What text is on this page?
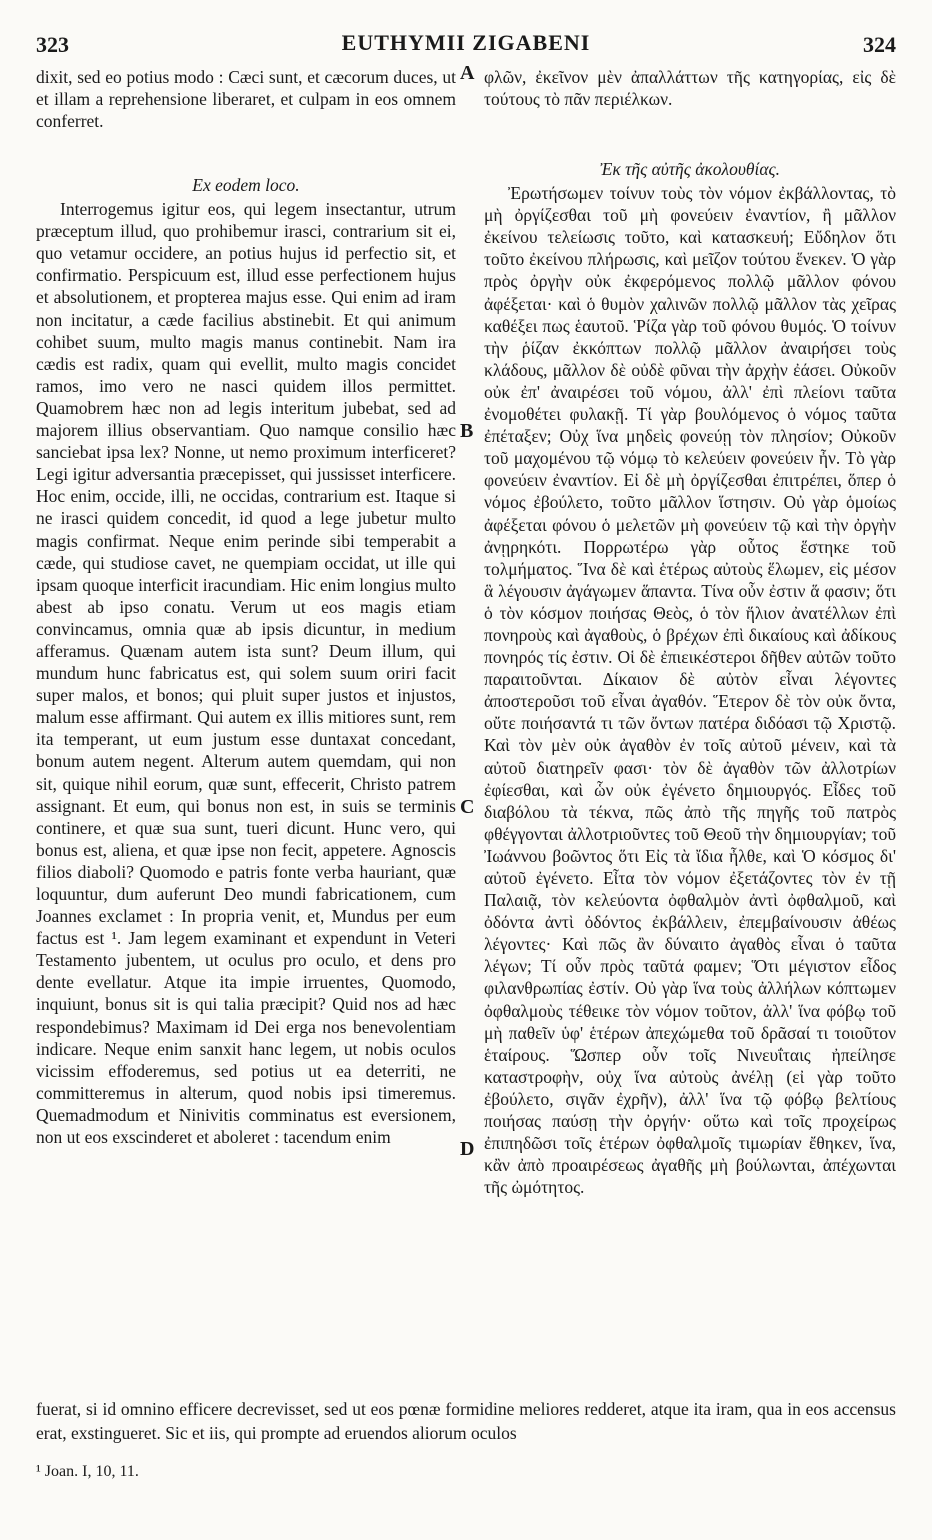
323	EUTHYMII ZIGABENI	324
dixit, sed eo potius modo : Cæci sunt, et cæcorum duces, ut et illam a reprehensione liberaret, et culpam in eos omnem conferret.
φλῶν, ἐκεῖνον μὲν ἀπαλλάττων τῆς κατηγορίας, εἰς δὲ τούτους τὸ πᾶν περιέλκων.
Ex eodem loco.
Interrogemus igitur eos, qui legem insectantur, utrum præceptum illud, quo prohibemur irasci, contrarium sit ei, quo vetamur occidere, an potius hujus id perfectio sit, et confirmatio. Perspicuum est, illud esse perfectionem hujus et absolutionem, et propterea majus esse. Qui enim ad iram non incitatur, a cæde facilius abstinebit. Et qui animum cohibet suum, multo magis manus continebit. Nam ira cædis est radix, quam qui evellit, multo magis concidet ramos, imo vero ne nasci quidem illos permittet. Quamobrem hæc non ad legis interitum jubebat, sed ad majorem illius observantiam. Quo namque consilio hæc sanciebat ipsa lex? Nonne, ut nemo proximum interficeret? Legi igitur adversantia præcepisset, qui jussisset interficere. Hoc enim, occide, illi, ne occidas, contrarium est. Itaque si ne irasci quidem concedit, id quod a lege jubetur multo magis confirmat. Neque enim perinde sibi temperabit a cæde, qui studiose cavet, ne quempiam occidat, ut ille qui ipsam quoque interficit iracundiam. Hic enim longius multo abest ab ipso conatu. Verum ut eos magis etiam convincamus, omnia quæ ab ipsis dicuntur, in medium afferamus. Quænam autem ista sunt? Deum illum, qui mundum hunc fabricatus est, qui solem suum oriri facit super malos, et bonos; qui pluit super justos et injustos, malum esse affirmant. Qui autem ex illis mitiores sunt, rem ita temperant, ut eum justum esse duntaxat concedant, bonum autem negent. Alterum autem quemdam, qui non sit, quique nihil eorum, quæ sunt, effecerit, Christo patrem assignant. Et eum, qui bonus non est, in suis se terminis continere, et quæ sua sunt, tueri dicunt. Hunc vero, qui bonus est, aliena, et quæ ipse non fecit, appetere. Agnoscis filios diaboli? Quomodo e patris fonte verba hauriant, quæ loquuntur, dum auferunt Deo mundi fabricationem, cum Joannes exclamet : In propria venit, et, Mundus per eum factus est ¹. Jam legem examinant et expendunt in Veteri Testamento jubentem, ut oculus pro oculo, et dens pro dente evellatur. Atque ita impie irruentes, Quomodo, inquiunt, bonus sit is qui talia præcipit? Quid nos ad hæc respondebimus? Maximam id Dei erga nos benevolentiam indicare. Neque enim sanxit hanc legem, ut nobis oculos vicissim effoderemus, sed potius ut ea deterriti, ne committeremus in alterum, quod nobis ipsi timeremus. Quemadmodum et Ninivitis comminatus est eversionem, non ut eos exscinderet et aboleret : tacendum enim
Ἐκ τῆς αὐτῆς ἀκολουθίας.
Ἐρωτήσωμεν τοίνυν τοὺς τὸν νόμον ἐκβάλλοντας, τὸ μὴ ὀργίζεσθαι τοῦ μὴ φονεύειν ἐναντίον, ἢ μᾶλλον ἐκείνου τελείωσις τοῦτο, καὶ κατασκευή; Εὔδηλον ὅτι τοῦτο ἐκείνου πλήρωσις, καὶ μεῖζον τούτου ἕνεκεν. Ὁ γὰρ πρὸς ὀργὴν οὐκ ἐκφερόμενος πολλῷ μᾶλλον φόνου ἀφέξεται· καὶ ὁ θυμὸν χαλινῶν πολλῷ μᾶλλον τὰς χεῖρας καθέξει πως ἑαυτοῦ. Ῥίζα γὰρ τοῦ φόνου θυμός. Ὁ τοίνυν τὴν ῥίζαν ἐκκόπτων πολλῷ μᾶλλον ἀναιρήσει τοὺς κλάδους, μᾶλλον δὲ οὐδὲ φῦναι τὴν ἀρχὴν ἐάσει. Οὐκοῦν οὐκ ἐπ' ἀναιρέσει τοῦ νόμου, ἀλλ' ἐπὶ πλείονι ταῦτα ἐνομοθέτει φυλακῇ. Τί γὰρ βουλόμενος ὁ νόμος ταῦτα ἐπέταξεν; Οὐχ ἵνα μηδεὶς φονεύῃ τὸν πλησίον; Οὐκοῦν τοῦ μαχομένου τῷ νόμῳ τὸ κελεύειν φονεύειν ἦν. Τὸ γὰρ φονεύειν ἐναντίον. Εἰ δὲ μὴ ὀργίζεσθαι ἐπιτρέπει, ὅπερ ὁ νόμος ἐβούλετο, τοῦτο μᾶλλον ἵστησιν. Οὐ γὰρ ὁμοίως ἀφέξεται φόνου ὁ μελετῶν μὴ φονεύειν τῷ καὶ τὴν ὀργὴν ἀνῃρηκότι. Πορρωτέρω γὰρ οὗτος ἕστηκε τοῦ τολμήματος. Ἵνα δὲ καὶ ἑτέρως αὐτοὺς ἕλωμεν, εἰς μέσον ἃ λέγουσιν ἀγάγωμεν ἅπαντα. Τίνα οὖν ἐστιν ἅ φασιν; ὅτι ὁ τὸν κόσμον ποιήσας Θεὸς, ὁ τὸν ἥλιον ἀνατέλλων ἐπὶ πονηροὺς καὶ ἀγαθοὺς, ὁ βρέχων ἐπὶ δικαίους καὶ ἀδίκους πονηρός τίς ἐστιν. Οἱ δὲ ἐπιεικέστεροι δῆθεν αὐτῶν τοῦτο παραιτοῦνται. Δίκαιον δὲ αὐτὸν εἶναι λέγοντες ἀποστεροῦσι τοῦ εἶναι ἀγαθόν. Ἕτερον δὲ τὸν οὐκ ὄντα, οὔτε ποιήσαντά τι τῶν ὄντων πατέρα διδόασι τῷ Χριστῷ. Καὶ τὸν μὲν οὐκ ἀγαθὸν ἐν τοῖς αὐτοῦ μένειν, καὶ τὰ αὐτοῦ διατηρεῖν φασι· τὸν δὲ ἀγαθὸν τῶν ἀλλοτρίων ἐφίεσθαι, καὶ ὧν οὐκ ἐγένετο δημιουργός. Εἶδες τοῦ διαβόλου τὰ τέκνα, πῶς ἀπὸ τῆς πηγῆς τοῦ πατρὸς φθέγγονται ἀλλοτριοῦντες τοῦ Θεοῦ τὴν δημιουργίαν; τοῦ Ἰωάννου βοῶντος ὅτι Εἰς τὰ ἴδια ἦλθε, καὶ Ὁ κόσμος δι' αὐτοῦ ἐγένετο. Εἶτα τὸν νόμον ἐξετάζοντες τὸν ἐν τῇ Παλαιᾷ, τὸν κελεύοντα ὀφθαλμὸν ἀντὶ ὀφθαλμοῦ, καὶ ὀδόντα ἀντὶ ὀδόντος ἐκβάλλειν, ἐπεμβαίνουσιν ἀθέως λέγοντες· Καὶ πῶς ἂν δύναιτο ἀγαθὸς εἶναι ὁ ταῦτα λέγων; Τί οὖν πρὸς ταῦτά φαμεν; Ὅτι μέγιστον εἶδος φιλανθρωπίας ἐστίν. Οὐ γὰρ ἵνα τοὺς ἀλλήλων κόπτωμεν ὀφθαλμοὺς τέθεικε τὸν νόμον τοῦτον, ἀλλ' ἵνα φόβῳ τοῦ μὴ παθεῖν ὑφ' ἑτέρων ἀπεχώμεθα τοῦ δρᾶσαί τι τοιοῦτον ἑταίρους. Ὥσπερ οὖν τοῖς Νινευΐταις ἠπείλησε καταστροφὴν, οὐχ ἵνα αὐτοὺς ἀνέλῃ (εἰ γὰρ τοῦτο ἐβούλετο, σιγᾶν ἐχρῆν), ἀλλ' ἵνα τῷ φόβῳ βελτίους ποιήσας παύσῃ τὴν ὀργήν· οὕτω καὶ τοῖς προχείρως ἐπιπηδῶσι τοῖς ἑτέρων ὀφθαλμοῖς τιμωρίαν ἔθηκεν, ἵνα, κἂν ἀπὸ προαιρέσεως ἀγαθῆς μὴ βούλωνται, ἀπέχωνται τῆς ὠμότητος.
A
B
C
D
fuerat, si id omnino efficere decrevisset, sed ut eos pœnæ formidine meliores redderet, atque ita iram, qua in eos accensus erat, exstingueret. Sic et iis, qui prompte ad eruendos aliorum oculos
¹ Joan. I, 10, 11.
